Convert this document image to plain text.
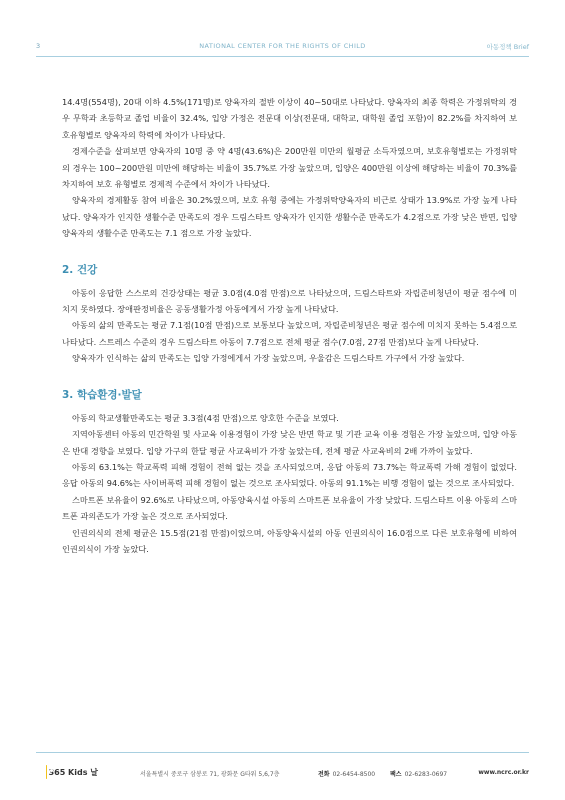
3	NATIONAL CENTER FOR THE RIGHTS OF CHILD	아동정책 Brief

14.4명(554명), 20대 이하 4.5%(171명)로 양육자의 절반 이상이 40~50대로 나타났다. 양육자의 최종 학력은 가정위탁의 경우 무학과 초등학교 졸업 비율이 32.4%, 입양 가정은 전문대 이상(전문대, 대학교, 대학원 졸업 포함)이 82.2%를 차지하여 보호유형별로 양육자의 학력에 차이가 나타났다.

경제수준을 살펴보면 양육자의 10명 중 약 4명(43.6%)은 200만원 미만의 월평균 소득자였으며, 보호유형별로는 가정위탁의 경우는 100~200만원 미만에 해당하는 비율이 35.7%로 가장 높았으며, 입양은 400만원 이상에 해당하는 비율이 70.3%를 차지하여 보호 유형별로 경제적 수준에서 차이가 나타났다.

양육자의 경제활동 참여 비율은 30.2%였으며, 보호 유형 중에는 가정위탁양육자의 비근로 상태가 13.9%로 가장 높게 나타났다. 양육자가 인지한 생활수준 만족도의 경우 드림스타트 양육자가 인지한 생활수준 만족도가 4.2점으로 가장 낮은 반면, 입양 양육자의 생활수준 만족도는 7.1 점으로 가장 높았다.

2. 건강

아동이 응답한 스스로의 건강상태는 평균 3.0점(4.0점 만점)으로 나타났으며, 드림스타트와 자립준비청년이 평균 점수에 미치지 못하였다. 장애판정비율은 공동생활가정 아동에게서 가장 높게 나타났다.

아동의 삶의 만족도는 평균 7.1점(10점 만점)으로 보통보다 높았으며, 자립준비청년은 평균 점수에 미치지 못하는 5.4점으로 나타났다. 스트레스 수준의 경우 드림스타트 아동이 7.7점으로 전체 평균 점수(7.0점, 27점 만점)보다 높게 나타났다.

양육자가 인식하는 삶의 만족도는 입양 가정에게서 가장 높았으며, 우울감은 드림스타트 가구에서 가장 높았다.

3. 학습환경·발달

아동의 학교생활만족도는 평균 3.3점(4점 만점)으로 양호한 수준을 보였다.

지역아동센터 아동의 민간학원 및 사교육 이용경험이 가장 낮은 반면 학교 및 기관 교육 이용 경험은 가장 높았으며, 입양 아동은 반대 경향을 보였다. 입양 가구의 한달 평균 사교육비가 가장 높았는데, 전체 평균 사교육비의 2배 가까이 높았다.

아동의 63.1%는 학교폭력 피해 경험이 전혀 없는 것을 조사되었으며, 응답 아동의 73.7%는 학교폭력 가해 경험이 없었다. 응답 아동의 94.6%는 사이버폭력 피해 경험이 없는 것으로 조사되었다. 아동의 91.1%는 비행 경험이 없는 것으로 조사되었다.

스마트폰 보유율이 92.6%로 나타났으며, 아동양육시설 아동의 스마트폰 보유율이 가장 낮았다. 드림스타트 이용 아동의 스마트폰 과의존도가 가장 높은 것으로 조사되었다.

인권의식의 전체 평균은 15.5점(21점 만점)이었으며, 아동양육시설의 아동 인권의식이 16.0점으로 다른 보호유형에 비하여 인권의식이 가장 높았다.

365 Kids 날	서울특별시 중로구 삼봉로 71, 광화문 G타워 5,6,7층	전화 02-6454-8500 팩스 02-6283-0697	www.ncrc.or.kr
